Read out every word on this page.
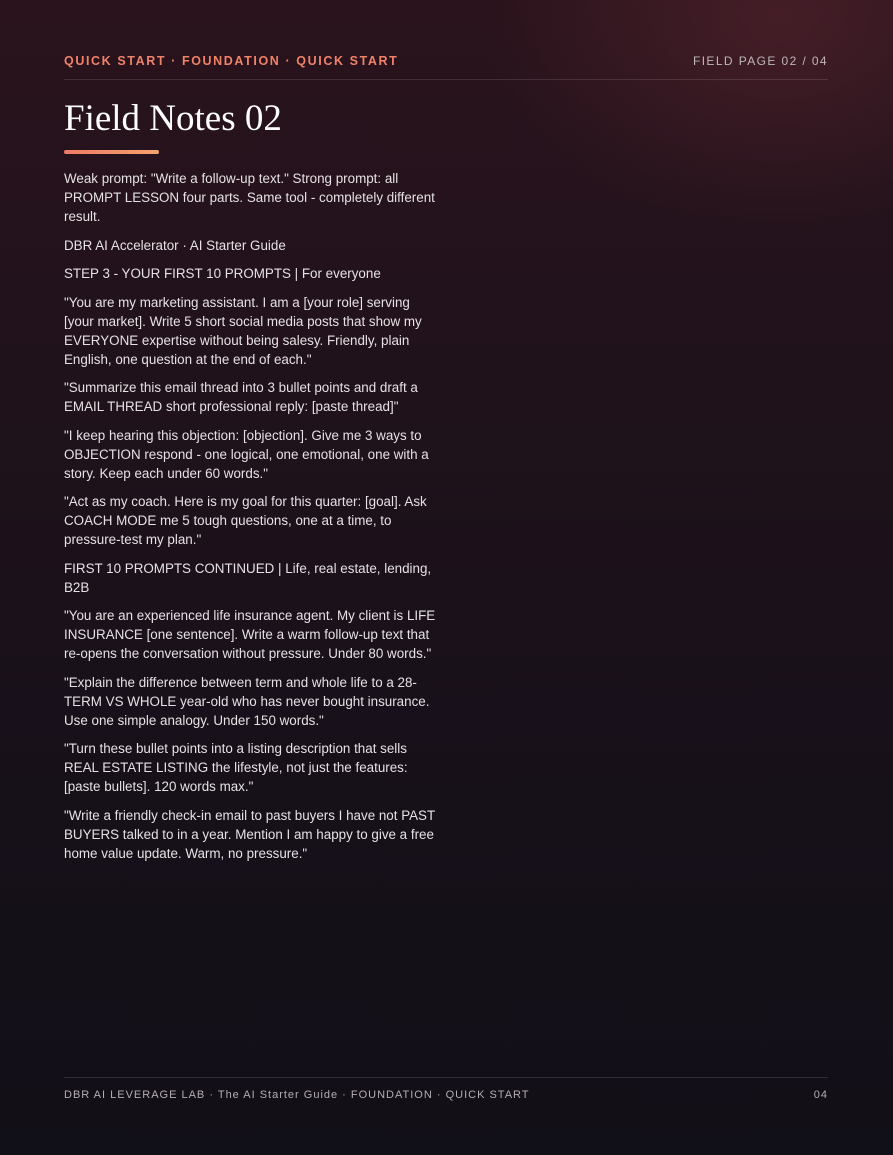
QUICK START · FOUNDATION · QUICK START	FIELD PAGE 02 / 04
Field Notes 02

Weak prompt: "Write a follow-up text." Strong prompt: all PROMPT LESSON four parts. Same tool - completely different result.

DBR AI Accelerator · AI Starter Guide

STEP 3 - YOUR FIRST 10 PROMPTS | For everyone

"You are my marketing assistant. I am a [your role] serving [your market]. Write 5 short social media posts that show my EVERYONE expertise without being salesy. Friendly, plain English, one question at the end of each."

"Summarize this email thread into 3 bullet points and draft a EMAIL THREAD short professional reply: [paste thread]"

"I keep hearing this objection: [objection]. Give me 3 ways to OBJECTION respond - one logical, one emotional, one with a story. Keep each under 60 words."

"Act as my coach. Here is my goal for this quarter: [goal]. Ask COACH MODE me 5 tough questions, one at a time, to pressure-test my plan."

FIRST 10 PROMPTS CONTINUED | Life, real estate, lending, B2B

"You are an experienced life insurance agent. My client is LIFE INSURANCE [one sentence]. Write a warm follow-up text that re-opens the conversation without pressure. Under 80 words."

"Explain the difference between term and whole life to a 28-TERM VS WHOLE year-old who has never bought insurance. Use one simple analogy. Under 150 words."

"Turn these bullet points into a listing description that sells REAL ESTATE LISTING the lifestyle, not just the features: [paste bullets]. 120 words max."

"Write a friendly check-in email to past buyers I have not PAST BUYERS talked to in a year. Mention I am happy to give a free home value update. Warm, no pressure."

DBR AI LEVERAGE LAB · The AI Starter Guide · FOUNDATION · QUICK START	04
